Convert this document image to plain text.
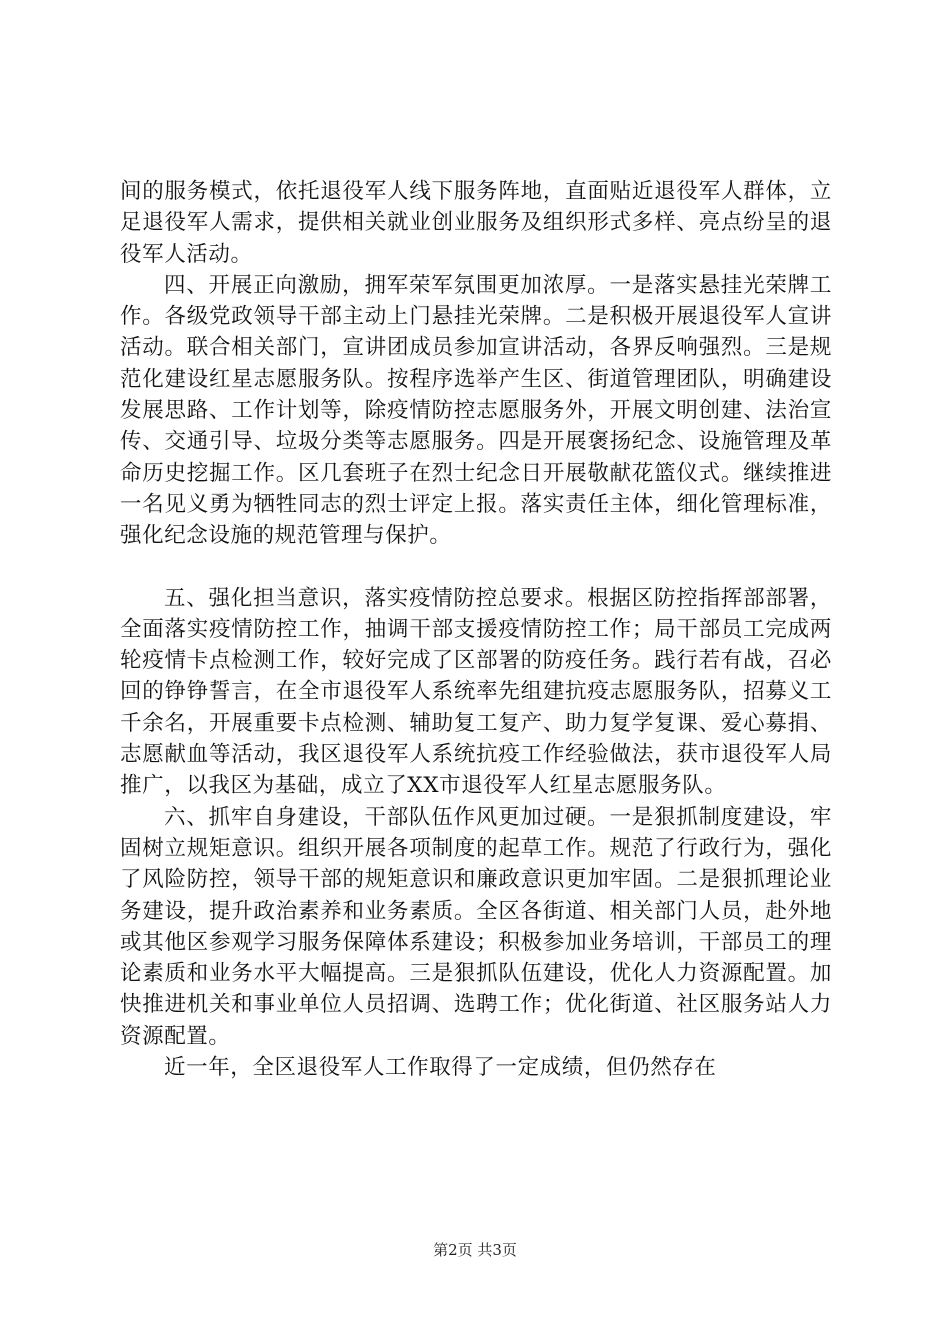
间的服务模式，依托退役军人线下服务阵地，直面贴近退役军人群体，立足退役军人需求，提供相关就业创业服务及组织形式多样、亮点纷呈的退役军人活动。

四、开展正向激励，拥军荣军氛围更加浓厚。一是落实悬挂光荣牌工作。各级党政领导干部主动上门悬挂光荣牌。二是积极开展退役军人宣讲活动。联合相关部门，宣讲团成员参加宣讲活动，各界反响强烈。三是规范化建设红星志愿服务队。按程序选举产生区、街道管理团队，明确建设发展思路、工作计划等，除疫情防控志愿服务外，开展文明创建、法治宣传、交通引导、垃圾分类等志愿服务。四是开展褒扬纪念、设施管理及革命历史挖掘工作。区几套班子在烈士纪念日开展敬献花篮仪式。继续推进一名见义勇为牺牲同志的烈士评定上报。落实责任主体，细化管理标准，强化纪念设施的规范管理与保护。

五、强化担当意识，落实疫情防控总要求。根据区防控指挥部部署，全面落实疫情防控工作，抽调干部支援疫情防控工作；局干部员工完成两轮疫情卡点检测工作，较好完成了区部署的防疫任务。践行若有战，召必回的铮铮誓言，在全市退役军人系统率先组建抗疫志愿服务队，招募义工千余名，开展重要卡点检测、辅助复工复产、助力复学复课、爱心募捐、志愿献血等活动，我区退役军人系统抗疫工作经验做法，获市退役军人局推广，以我区为基础，成立了XX市退役军人红星志愿服务队。

六、抓牢自身建设，干部队伍作风更加过硬。一是狠抓制度建设，牢固树立规矩意识。组织开展各项制度的起草工作。规范了行政行为，强化了风险防控，领导干部的规矩意识和廉政意识更加牢固。二是狠抓理论业务建设，提升政治素养和业务素质。全区各街道、相关部门人员，赴外地或其他区参观学习服务保障体系建设；积极参加业务培训，干部员工的理论素质和业务水平大幅提高。三是狠抓队伍建设，优化人力资源配置。加快推进机关和事业单位人员招调、选聘工作；优化街道、社区服务站人力资源配置。

近一年，全区退役军人工作取得了一定成绩，但仍然存在

第2页 共3页
